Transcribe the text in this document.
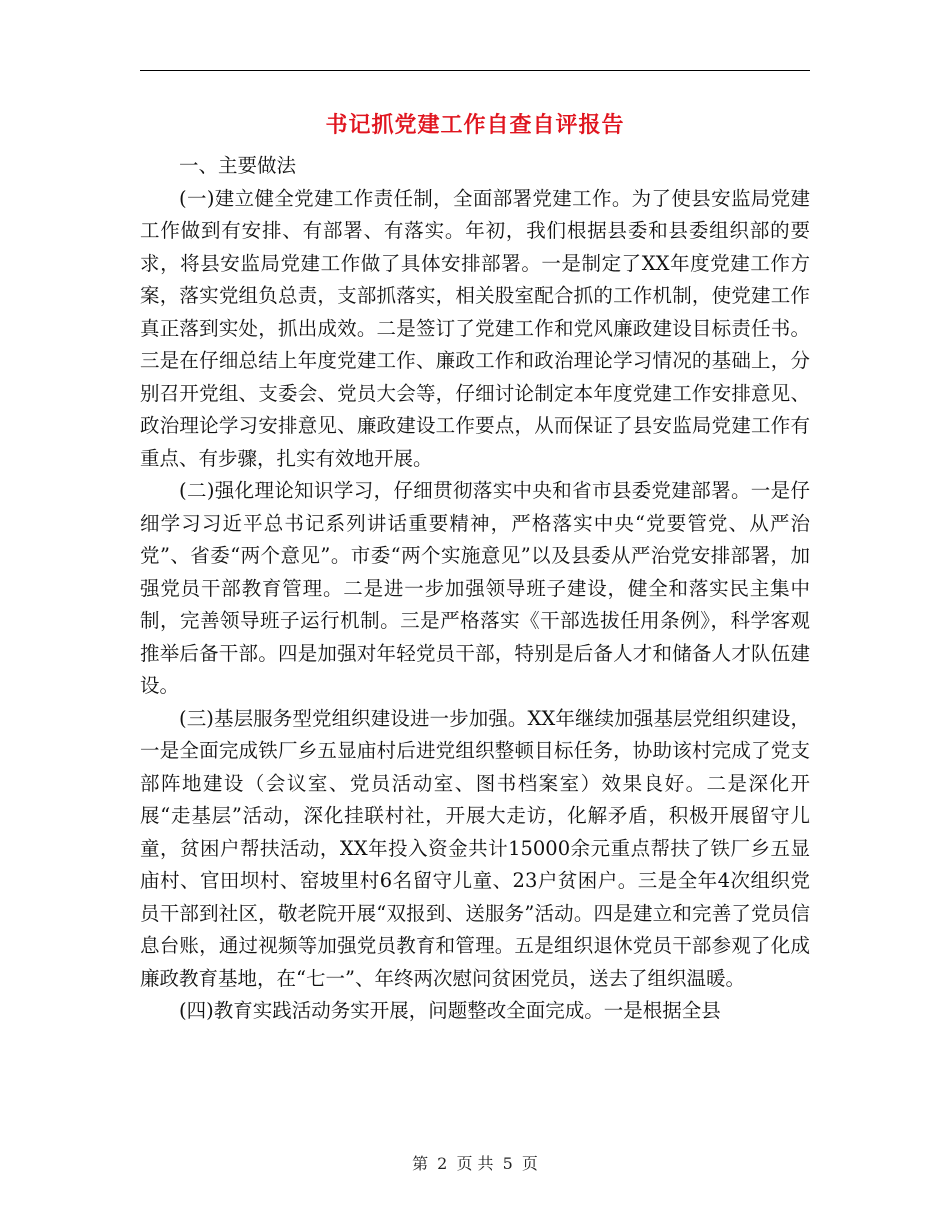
书记抓党建工作自查自评报告

一、主要做法

(一)建立健全党建工作责任制，全面部署党建工作。为了使县安监局党建工作做到有安排、有部署、有落实。年初，我们根据县委和县委组织部的要求，将县安监局党建工作做了具体安排部署。一是制定了XX年度党建工作方案，落实党组负总责，支部抓落实，相关股室配合抓的工作机制，使党建工作真正落到实处，抓出成效。二是签订了党建工作和党风廉政建设目标责任书。三是在仔细总结上年度党建工作、廉政工作和政治理论学习情况的基础上，分别召开党组、支委会、党员大会等，仔细讨论制定本年度党建工作安排意见、政治理论学习安排意见、廉政建设工作要点，从而保证了县安监局党建工作有重点、有步骤，扎实有效地开展。

(二)强化理论知识学习，仔细贯彻落实中央和省市县委党建部署。一是仔细学习习近平总书记系列讲话重要精神，严格落实中央“党要管党、从严治党”、省委“两个意见”。市委“两个实施意见”以及县委从严治党安排部署，加强党员干部教育管理。二是进一步加强领导班子建设，健全和落实民主集中制，完善领导班子运行机制。三是严格落实《干部选拔任用条例》，科学客观推举后备干部。四是加强对年轻党员干部，特别是后备人才和储备人才队伍建设。

(三)基层服务型党组织建设进一步加强。XX年继续加强基层党组织建设，一是全面完成铁厂乡五显庙村后进党组织整顿目标任务，协助该村完成了党支部阵地建设（会议室、党员活动室、图书档案室）效果良好。二是深化开展“走基层”活动，深化挂联村社，开展大走访，化解矛盾，积极开展留守儿童，贫困户帮扶活动，XX年投入资金共计15000余元重点帮扶了铁厂乡五显庙村、官田坝村、窑坡里村6名留守儿童、23户贫困户。三是全年4次组织党员干部到社区，敬老院开展“双报到、送服务”活动。四是建立和完善了党员信息台账，通过视频等加强党员教育和管理。五是组织退休党员干部参观了化成廉政教育基地，在“七一”、年终两次慰问贫困党员，送去了组织温暖。

(四)教育实践活动务实开展，问题整改全面完成。一是根据全县

第 2 页 共 5 页
